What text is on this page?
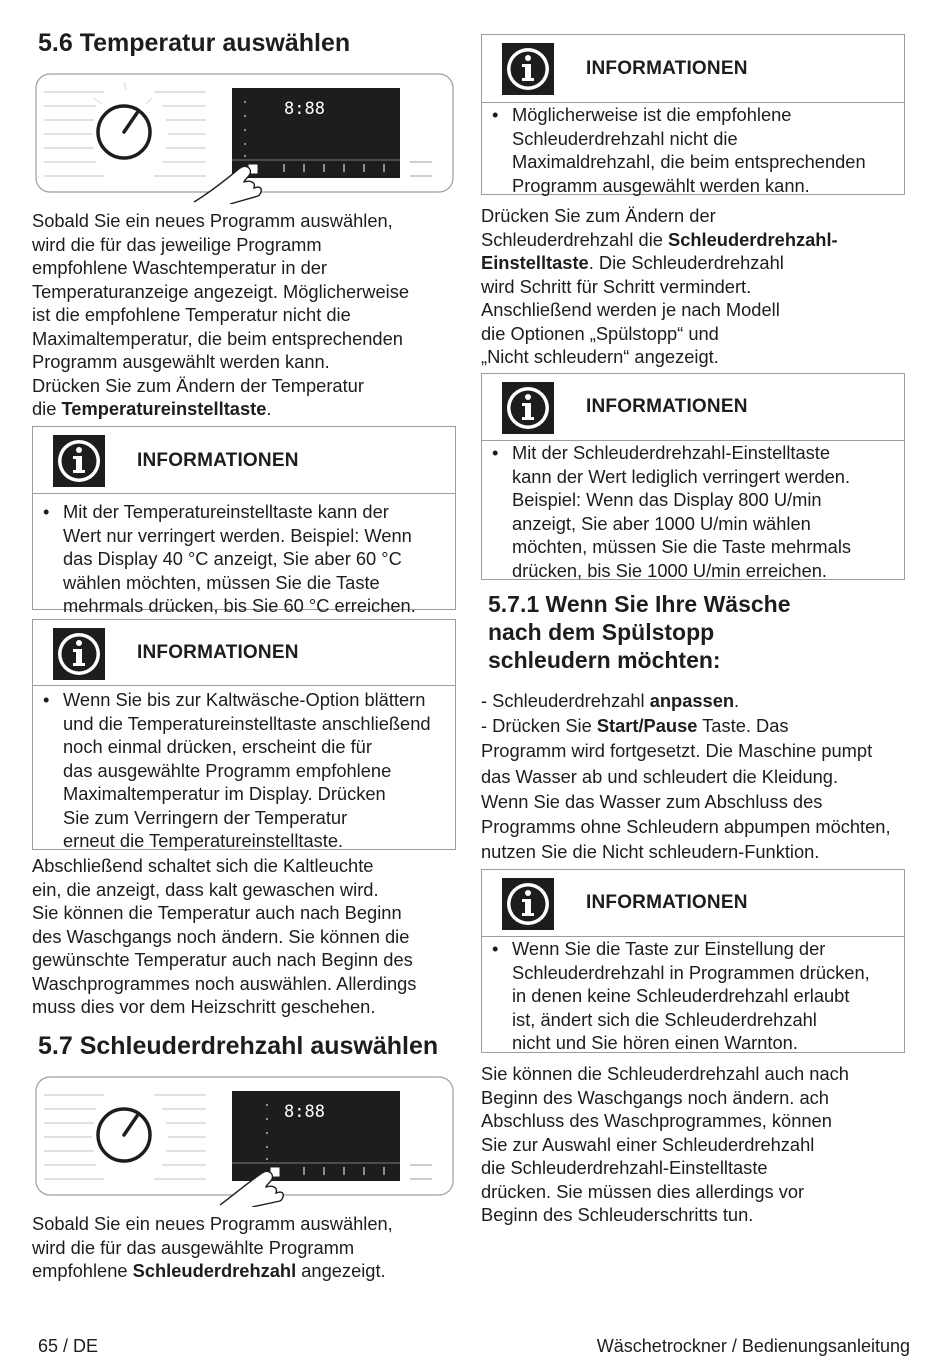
5.6 Temperatur auswählen
8:88

Sobald Sie ein neues Programm auswählen,
wird die für das jeweilige Programm
empfohlene Waschtemperatur in der
Temperaturanzeige angezeigt. Möglicherweise
ist die empfohlene Temperatur nicht die
Maximaltemperatur, die beim entsprechenden
Programm ausgewählt werden kann.
Drücken Sie zum Ändern der Temperatur
die Temperatureinstelltaste.

INFORMATIONEN
• Mit der Temperatureinstelltaste kann der
Wert nur verringert werden. Beispiel: Wenn
das Display 40 °C anzeigt, Sie aber 60 °C
wählen möchten, müssen Sie die Taste
mehrmals drücken, bis Sie 60 °C erreichen.
INFORMATIONEN
• Wenn Sie bis zur Kaltwäsche-Option blättern
und die Temperatureinstelltaste anschließend
noch einmal drücken, erscheint die für
das ausgewählte Programm empfohlene
Maximaltemperatur im Display. Drücken
Sie zum Verringern der Temperatur
erneut die Temperatureinstelltaste.

Abschließend schaltet sich die Kaltleuchte
ein, die anzeigt, dass kalt gewaschen wird.
Sie können die Temperatur auch nach Beginn
des Waschgangs noch ändern. Sie können die
gewünschte Temperatur auch nach Beginn des
Waschprogrammes noch auswählen. Allerdings
muss dies vor dem Heizschritt geschehen.

5.7 Schleuderdrehzahl auswählen
8:88

Sobald Sie ein neues Programm auswählen,
wird die für das ausgewählte Programm
empfohlene Schleuderdrehzahl angezeigt.

INFORMATIONEN
• Möglicherweise ist die empfohlene
Schleuderdrehzahl nicht die
Maximaldrehzahl, die beim entsprechenden
Programm ausgewählt werden kann.

Drücken Sie zum Ändern der
Schleuderdrehzahl die Schleuderdrehzahl-
Einstelltaste. Die Schleuderdrehzahl
wird Schritt für Schritt vermindert.
Anschließend werden je nach Modell
die Optionen „Spülstopp“ und
„Nicht schleudern“ angezeigt.

INFORMATIONEN
• Mit der Schleuderdrehzahl-Einstelltaste
kann der Wert lediglich verringert werden.
Beispiel: Wenn das Display 800 U/min
anzeigt, Sie aber 1000 U/min wählen
möchten, müssen Sie die Taste mehrmals
drücken, bis Sie 1000 U/min erreichen.
5.7.1 Wenn Sie Ihre Wäsche
nach dem Spülstopp
schleudern möchten:

- Schleuderdrehzahl anpassen.
- Drücken Sie Start/Pause Taste. Das
Programm wird fortgesetzt. Die Maschine pumpt
das Wasser ab und schleudert die Kleidung.
Wenn Sie das Wasser zum Abschluss des
Programms ohne Schleudern abpumpen möchten,
nutzen Sie die Nicht schleudern-Funktion.

INFORMATIONEN
• Wenn Sie die Taste zur Einstellung der
Schleuderdrehzahl in Programmen drücken,
in denen keine Schleuderdrehzahl erlaubt
ist, ändert sich die Schleuderdrehzahl
nicht und Sie hören einen Warnton.

Sie können die Schleuderdrehzahl auch nach
Beginn des Waschgangs noch ändern. ach
Abschluss des Waschprogrammes, können
Sie zur Auswahl einer Schleuderdrehzahl
die Schleuderdrehzahl-Einstelltaste
drücken. Sie müssen dies allerdings vor
Beginn des Schleuderschritts tun.

65 / DE	Wäschetrockner / Bedienungsanleitung
